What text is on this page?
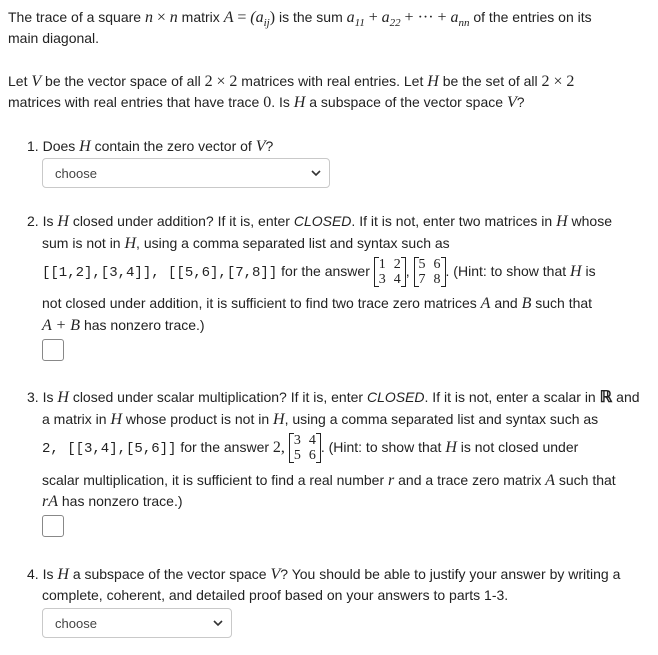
The trace of a square n × n matrix $A = (a_{ij})$ is the sum $a_{11} + a_{22}$ + ··· + $a_{nn}$ of the entries on its
main diagonal.
Let V be the vector space of all 2 × 2 matrices with real entries. Let H be the set of all 2 × 2
matrices with real entries that have trace 0. Is H a subspace of the vector space V?
1. Does H contain the zero vector of V?
choose
2. Is H closed under addition? If it is, enter CLOSED. If it is not, enter two matrices in H whose
sum is not in H, using a comma separated list and syntax such as
[[1,2],[3,4]], [[5,6],[7,8]] for the answer 1 2
3 4
, 5 6
7 8
. (Hint: to show that H is
not closed under addition, it is sufficient to find two trace zero matrices A and B such that
A + B has nonzero trace.)
3. Is H closed under scalar multiplication? If it is, enter CLOSED. If it is not, enter a scalar in ℝ and
a matrix in H whose product is not in H, using a comma separated list and syntax such as
2, [[3,4],[5,6]] for the answer 2, 3 4
5 6
. (Hint: to show that H is not closed under
scalar multiplication, it is sufficient to find a real number r and a trace zero matrix A such that
rA has nonzero trace.)
4. Is H a subspace of the vector space V? You should be able to justify your answer by writing a
complete, coherent, and detailed proof based on your answers to parts 1-3.
choose
